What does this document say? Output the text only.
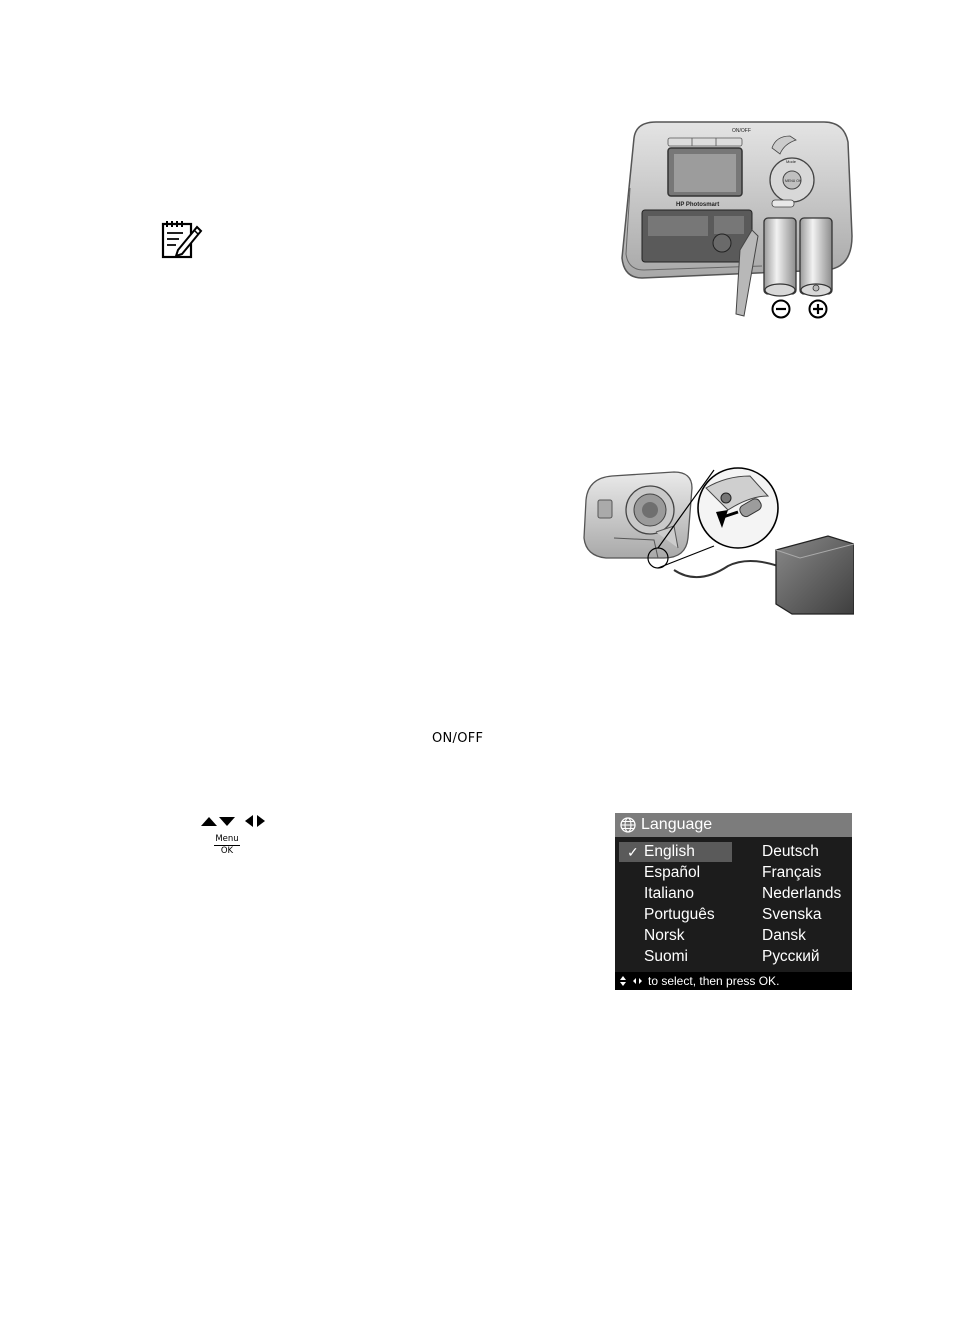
ON/OFF
HP Photosmart
Mode
MENU OK
ON/OFF
Menu
OK
Language
✓ English
Español
Italiano
Português
Norsk
Suomi
Deutsch
Français
Nederlands
Svenska
Dansk
Русский
to select, then press OK.
